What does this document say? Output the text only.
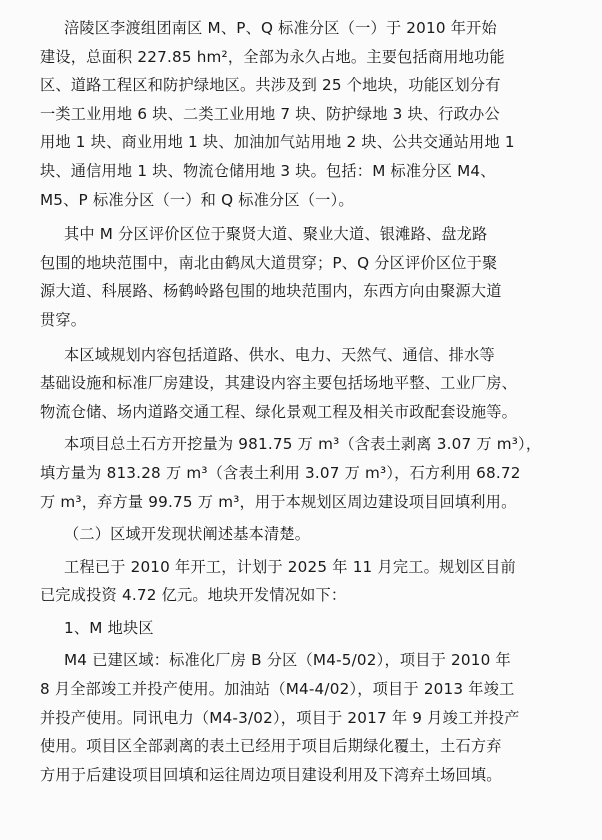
涪陵区李渡组团南区 M、P、Q 标准分区（一）于 2010 年开始

建设，总面积 227.85 hm²，全部为永久占地。主要包括商用地功能

区、道路工程区和防护绿地区。共涉及到 25 个地块，功能区划分有

一类工业用地 6 块、二类工业用地 7 块、防护绿地 3 块、行政办公

用地 1 块、商业用地 1 块、加油加气站用地 2 块、公共交通站用地 1

块、通信用地 1 块、物流仓储用地 3 块。包括：M 标准分区 M4、

M5、P 标准分区（一）和 Q 标准分区（一）。

其中 M 分区评价区位于聚贤大道、聚业大道、银滩路、盘龙路

包围的地块范围中，南北由鹤凤大道贯穿；P、Q 分区评价区位于聚

源大道、科展路、杨鹤岭路包围的地块范围内，东西方向由聚源大道

贯穿。

本区域规划内容包括道路、供水、电力、天然气、通信、排水等

基础设施和标准厂房建设，其建设内容主要包括场地平整、工业厂房、

物流仓储、场内道路交通工程、绿化景观工程及相关市政配套设施等。

本项目总土石方开挖量为 981.75 万 m³（含表土剥离 3.07 万 m³），

填方量为 813.28 万 m³（含表土利用 3.07 万 m³），石方利用 68.72

万 m³，弃方量 99.75 万 m³，用于本规划区周边建设项目回填利用。

（二）区域开发现状阐述基本清楚。

工程已于 2010 年开工，计划于 2025 年 11 月完工。规划区目前

已完成投资 4.72 亿元。地块开发情况如下：

1、M 地块区

M4 已建区域：标准化厂房 B 分区（M4-5/02），项目于 2010 年

8 月全部竣工并投产使用。加油站（M4-4/02），项目于 2013 年竣工

并投产使用。同讯电力（M4-3/02），项目于 2017 年 9 月竣工并投产

使用。项目区全部剥离的表土已经用于项目后期绿化覆土，土石方弃

方用于后建设项目回填和运往周边项目建设利用及下湾弃土场回填。
